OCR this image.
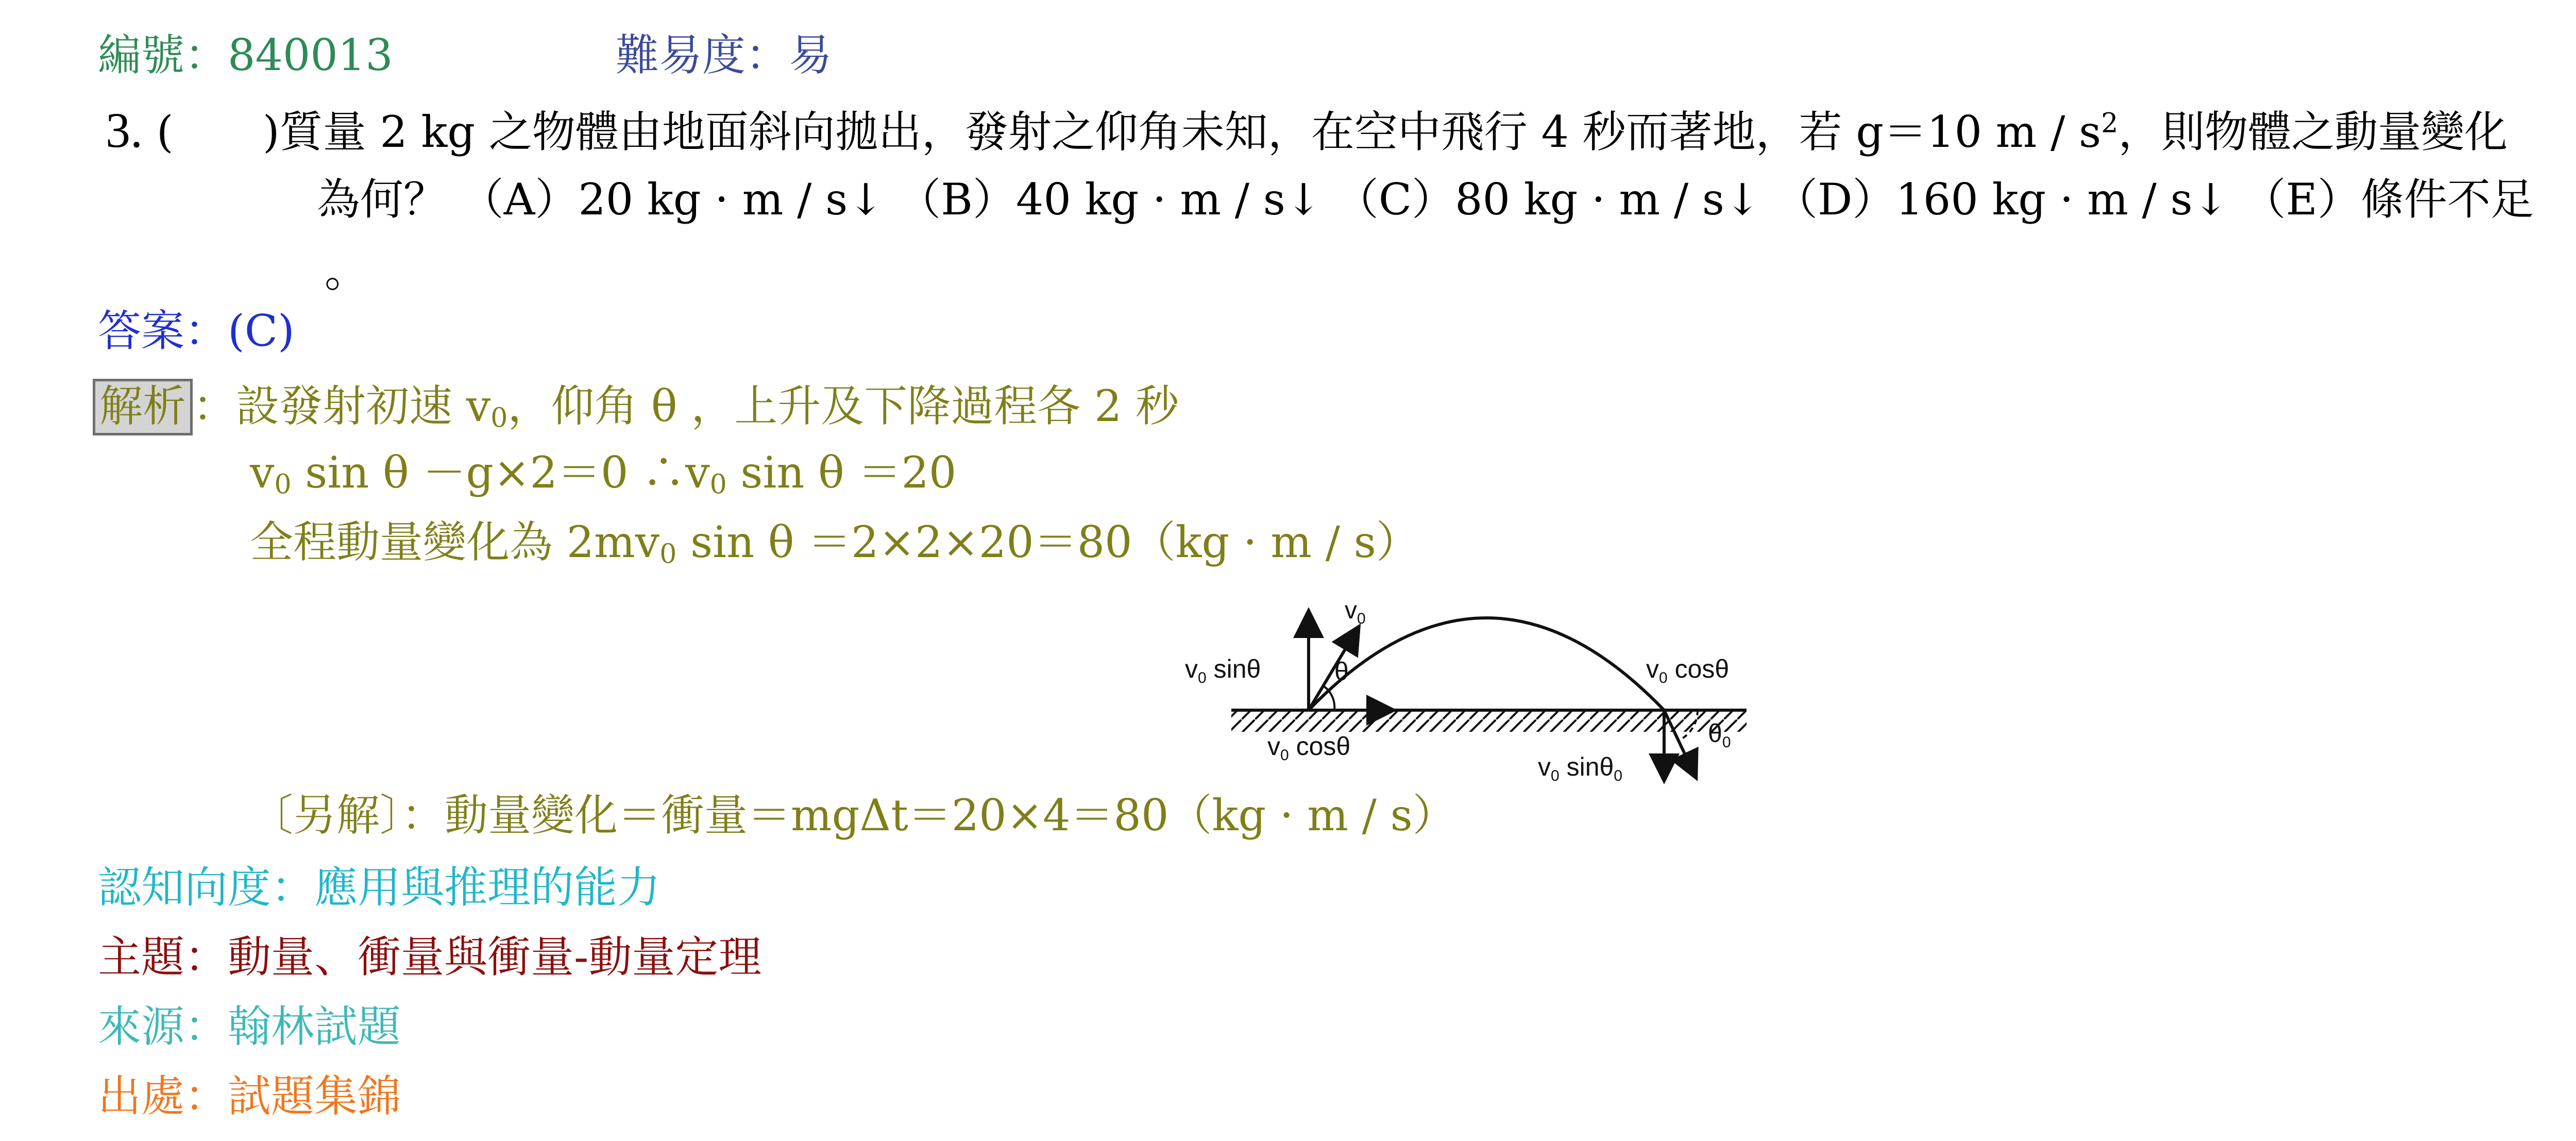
編號：840013	難易度：易
3. ( )質量 2 kg 之物體由地面斜向拋出，發射之仰角未知，在空中飛行 4 秒而著地，若 g＝10 m / $s^2$，則物體之動量變化
為何？ （A）20 kg · m / s↓ （B）40 kg · m / s↓ （C）80 kg · m / s↓ （D）160 kg · m / s↓ （E）條件不足
。
答案：(C)
解析 ：設發射初速 $v_0$，仰角 θ ，上升及下降過程各 2 秒
$v_0$ sin θ －g×2＝0 $\therefore v_0$ sin θ ＝20
全程動量變化為 $2mv_0$ sin θ ＝2×2×20＝80（kg · m / s）
$v_0$
θ
$v_0$ sinθ
$v_0$ cosθ
$v_0$ cosθ
$v_0$ sinθ$_0$
$\theta_0$
〔另解〕：動量變化＝衝量＝mgΔt＝20×4＝80（kg · m / s）
認知向度：應用與推理的能力
主題：動量、衝量與衝量-動量定理
來源：翰林試題
出處：試題集錦
